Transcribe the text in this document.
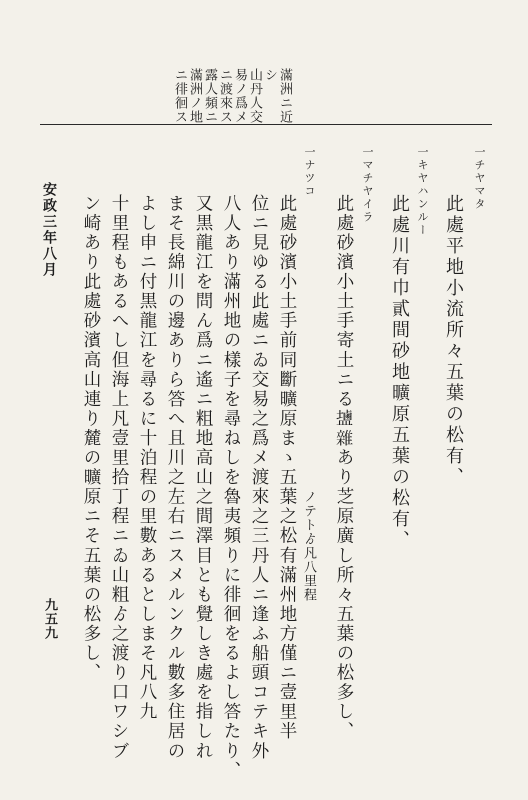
滿洲ニ近
シ
山丹人交
易ノ爲メ
ニ渡來ス
露人頻ニ
滿洲ノ地
ニ徘徊ス
一チヤマタ
此處平地小流所々五葉の松有、
一キヤハンルー
此處川有巾貳間砂地曠原五葉の松有、
一マチヤイラ
此處砂濱小土手寄土ニる𪉩雜あり芝原廣し所々五葉の松多し、
一ナツコ
ノテトゟ凡八里程
此處砂濱小土手前同斷曠原まゝ五葉之松有滿州地方僅ニ壹里半
位ニ見ゆる此處ニゐ交易之爲メ渡來之三丹人ニ逢ふ船頭コテキ外
八人あり滿州地の樣子を尋ねしを魯夷頻りに徘徊をるよし答たり、
又黒龍江を問ん爲ニ遙ニ粗地高山之間澤目とも覺しき處を指しれ
まそ長綿川の邊ありら答へ且川之左右ニスメルンクル數多住居の
よし申ニ付黒龍江を尋るに十泊程の里數あるとしまそ凡八九
十里程もあるへし但海上凡壹里拾丁程ニゐ山粗ゟ之渡り口ワシブ
ン崎あり此處砂濱高山連り麓の曠原ニそ五葉の松多し、
安政三年八月
九五九
